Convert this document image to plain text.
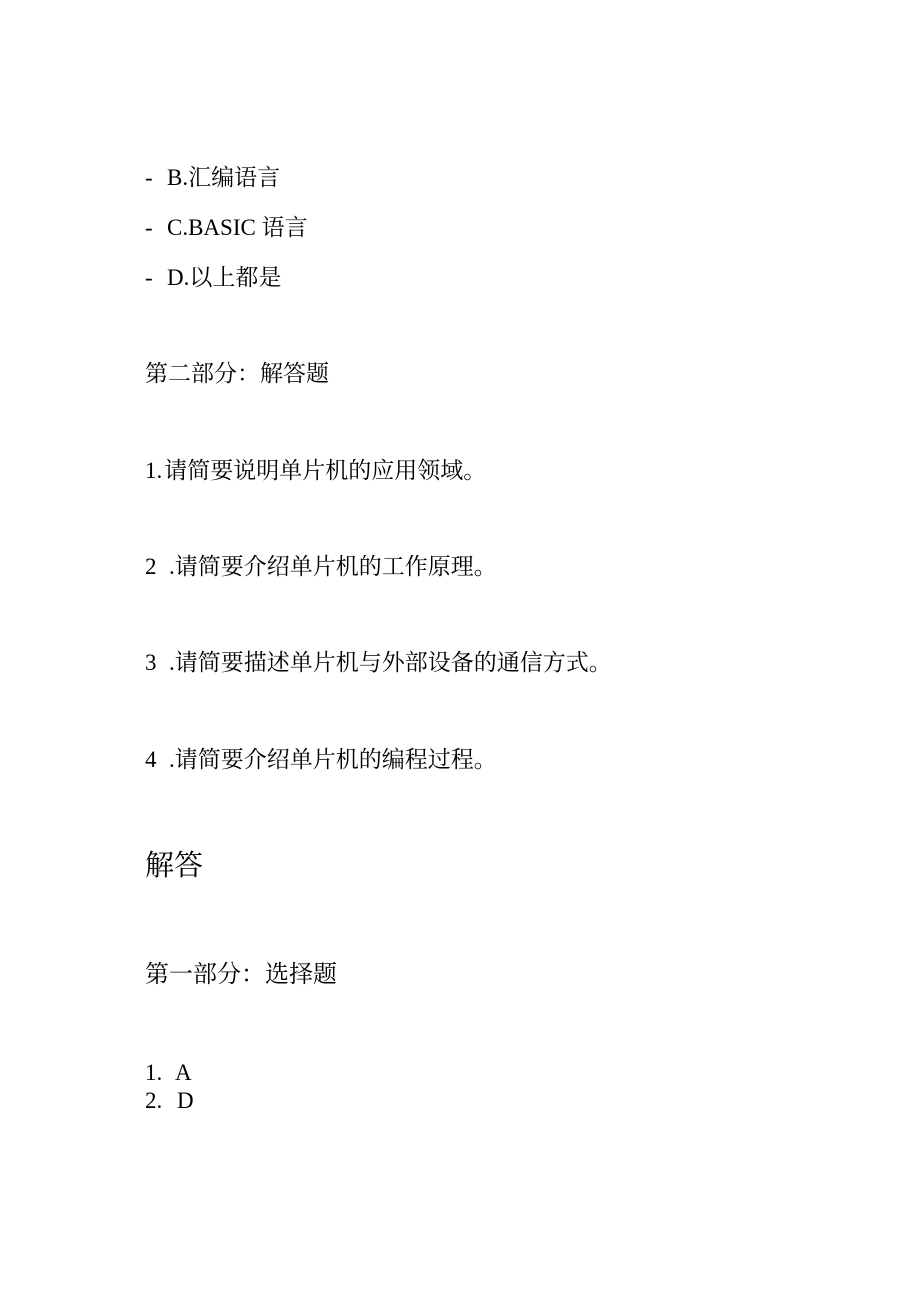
- B.汇编语言
- C.BASIC 语言
- D.以上都是
第二部分：解答题
1.请简要说明单片机的应用领域。
2 .请简要介绍单片机的工作原理。
3 .请简要描述单片机与外部设备的通信方式。
4 .请简要介绍单片机的编程过程。
解答
第一部分：选择题
1. A
2. D
